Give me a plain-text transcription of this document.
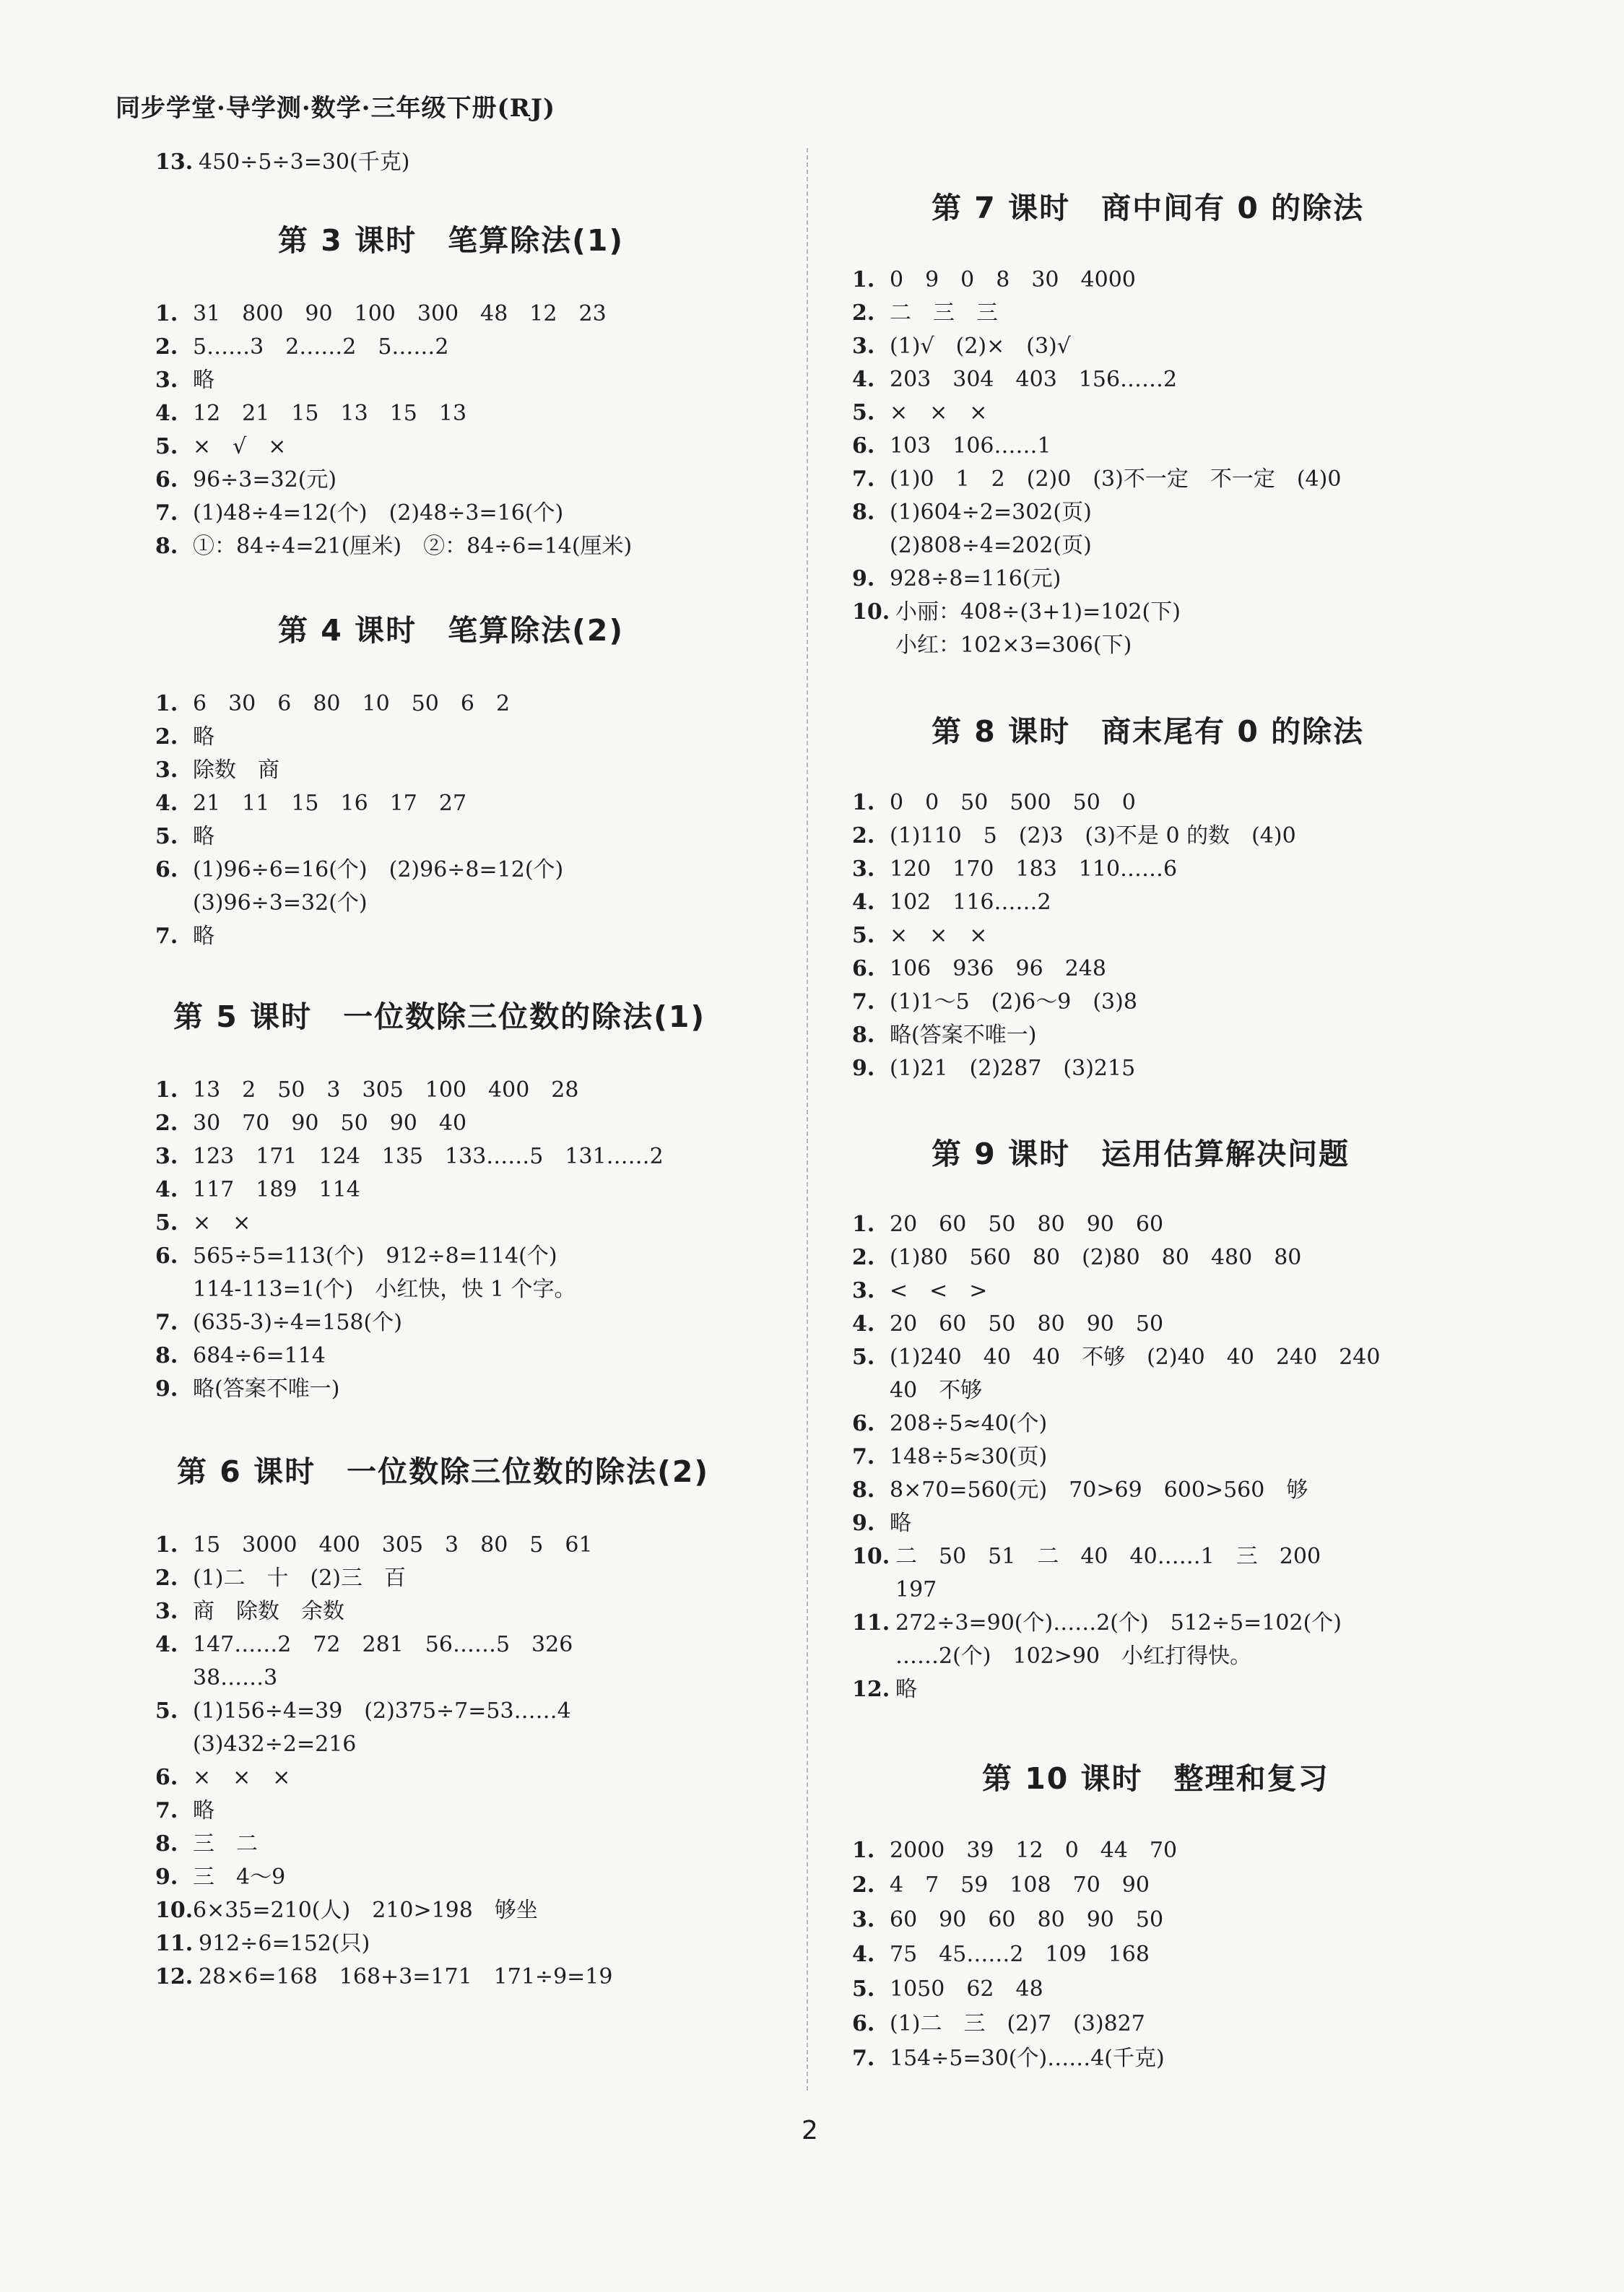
同步学堂·导学测·数学·三年级下册(RJ)
13. 450÷5÷3=30(千克)
第 3 课时　笔算除法(1)
1. 31　800　90　100　300　48　12　23
2. 5……3　2……2　5……2
3. 略
4. 12　21　15　13　15　13
5. ×　√　×
6. 96÷3=32(元)
7. (1)48÷4=12(个)　(2)48÷3=16(个)
8. ①：84÷4=21(厘米)　②：84÷6=14(厘米)
第 4 课时　笔算除法(2)
1. 6　30　6　80　10　50　6　2
2. 略
3. 除数　商
4. 21　11　15　16　17　27
5. 略
6. (1)96÷6=16(个)　(2)96÷8=12(个)
(3)96÷3=32(个)
7. 略
第 5 课时　一位数除三位数的除法(1)
1. 13　2　50　3　305　100　400　28
2. 30　70　90　50　90　40
3. 123　171　124　135　133……5　131……2
4. 117　189　114
5. ×　×
6. 565÷5=113(个)　912÷8=114(个)
114-113=1(个)　小红快，快 1 个字。
7. (635-3)÷4=158(个)
8. 684÷6=114
9. 略(答案不唯一)
第 6 课时　一位数除三位数的除法(2)
1. 15　3000　400　305　3　80　5　61
2. (1)二　十　(2)三　百
3. 商　除数　余数
4. 147……2　72　281　56……5　326
38……3
5. (1)156÷4=39　(2)375÷7=53……4
(3)432÷2=216
6. ×　×　×
7. 略
8. 三　二
9. 三　4～9
10.6×35=210(人)　210>198　够坐
11. 912÷6=152(只)
12. 28×6=168　168+3=171　171÷9=19
第 7 课时　商中间有 0 的除法
1. 0　9　0　8　30　4000
2. 二　三　三
3. (1)√　(2)×　(3)√
4. 203　304　403　156……2
5. ×　×　×
6. 103　106……1
7. (1)0　1　2　(2)0　(3)不一定　不一定　(4)0
8. (1)604÷2=302(页)
(2)808÷4=202(页)
9. 928÷8=116(元)
10. 小丽：408÷(3+1)=102(下)
小红：102×3=306(下)
第 8 课时　商末尾有 0 的除法
1. 0　0　50　500　50　0
2. (1)110　5　(2)3　(3)不是 0 的数　(4)0
3. 120　170　183　110……6
4. 102　116……2
5. ×　×　×
6. 106　936　96　248
7. (1)1～5　(2)6～9　(3)8
8. 略(答案不唯一)
9. (1)21　(2)287　(3)215
第 9 课时　运用估算解决问题
1. 20　60　50　80　90　60
2. (1)80　560　80　(2)80　80　480　80
3. <　<　>
4. 20　60　50　80　90　50
5. (1)240　40　40　不够　(2)40　40　240　240
40　不够
6. 208÷5≈40(个)
7. 148÷5≈30(页)
8. 8×70=560(元)　70>69　600>560　够
9. 略
10. 二　50　51　二　40　40……1　三　200
197
11. 272÷3=90(个)……2(个)　512÷5=102(个)
……2(个)　102>90　小红打得快。
12. 略
第 10 课时　整理和复习
1. 2000　39　12　0　44　70
2. 4　7　59　108　70　90
3. 60　90　60　80　90　50
4. 75　45……2　109　168
5. 1050　62　48
6. (1)二　三　(2)7　(3)827
7. 154÷5=30(个)……4(千克)
2
